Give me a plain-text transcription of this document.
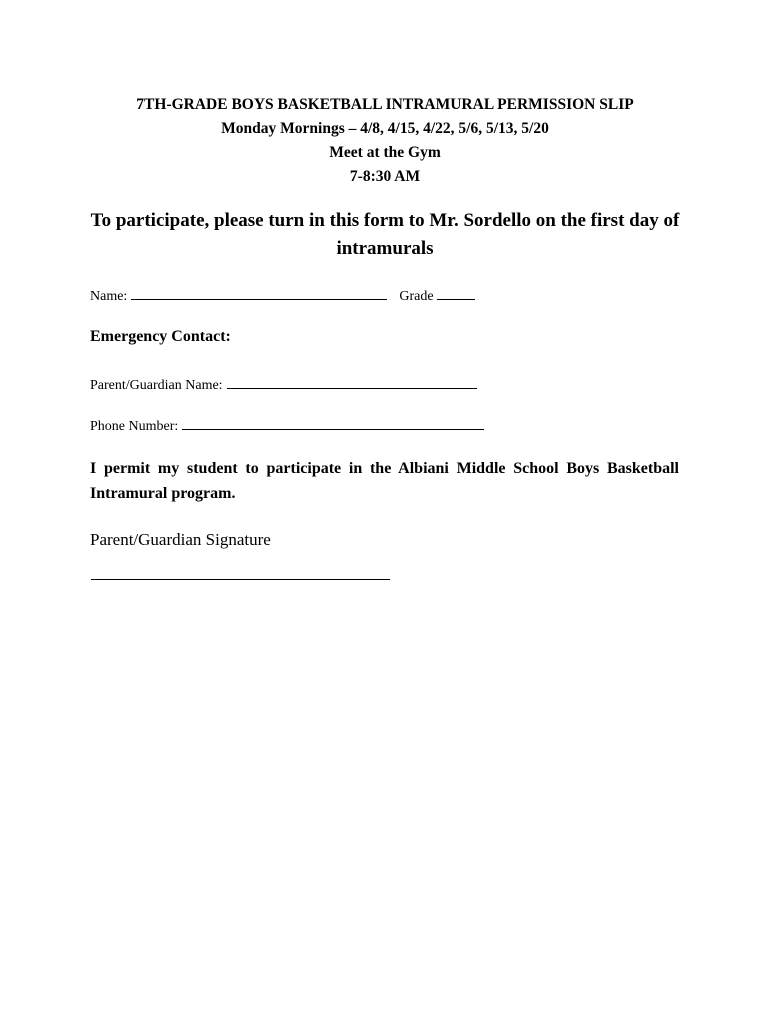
7TH-GRADE BOYS BASKETBALL INTRAMURAL PERMISSION SLIP
Monday Mornings – 4/8, 4/15, 4/22, 5/6, 5/13, 5/20
Meet at the Gym
7-8:30 AM
To participate, please turn in this form to Mr. Sordello on the first day of intramurals
Name:	Grade
Emergency Contact:
Parent/Guardian Name:
Phone Number:
I permit my student to participate in the Albiani Middle School Boys Basketball Intramural program.
Parent/Guardian Signature
